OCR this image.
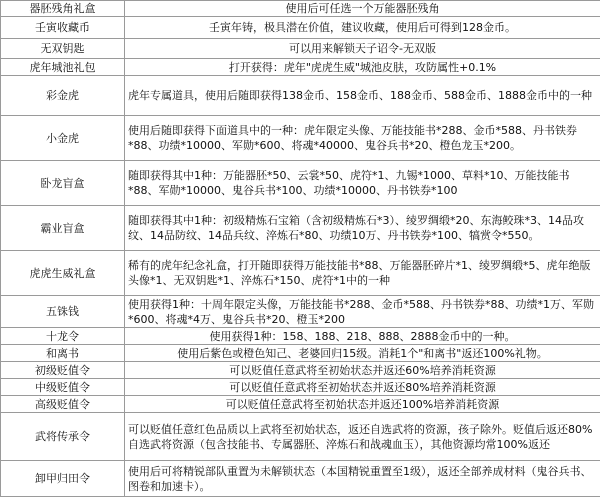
器胚残角礼盒	使用后可任选一个万能器胚残角
壬寅收藏币	壬寅年铸，极具潜在价值，建议收藏，使用后可得到128金币。
无双钥匙	可以用来解锁天子诏令-无双版
虎年城池礼包	打开获得：虎年"虎虎生威"城池皮肤，攻防属性+0.1%
彩金虎	虎年专属道具，使用后随即获得138金币、158金币、188金币、588金币、1888金币中的一种
小金虎	使用后随即获得下面道具中的一种：虎年限定头像、万能技能书*288、金币*588、丹书铁券*88、功绩*10000、军勋*600、将魂*40000、鬼谷兵书*20、橙色龙玉*200。
卧龙盲盒	随即获得其中1种：万能器胚*50、云裳*50、虎符*1、九锡*1000、草料*10、万能技能书*88、军勋*10000、鬼谷兵书*100、功绩*10000、丹书铁券*100
霸业盲盒	随即获得其中1种：初级精炼石宝箱（含初级精炼石*3）、绫罗绸缎*20、东海鲛珠*3、14品攻纹、14品防纹、14品兵纹、淬炼石*80、功绩10万、丹书铁券*100、犒赏令*550。
虎虎生威礼盒	稀有的虎年纪念礼盒，打开随即获得万能技能书*88、万能器胚碎片*1、绫罗绸缎*5、虎年绝版头像*1、无双钥匙*1、淬炼石*150、虎符*1中的一种
五铢钱	使用获得1种：十周年限定头像，万能技能书*288、金币*588、丹书铁券*88、功绩*1万、军勋*600、将魂*4万、鬼谷兵书*20、橙玉*200
十龙令	使用获得1种：158、188、218、888、2888金币中的一种。
和离书	使用后紫色或橙色知己、老婆回归15级。消耗1个"和离书"返还100%礼物。
初级贬值令	可以贬值任意武将至初始状态并返还60%培养消耗资源
中级贬值令	可以贬值任意武将至初始状态并返还80%培养消耗资源
高级贬值令	可以贬值任意武将至初始状态并返还100%培养消耗资源
武将传承令	可以贬值任意红色品质以上武将至初始状态，返还自选武将的资源，孩子除外。贬值后返还80%自选武将资源（包含技能书、专属器胚、淬炼石和战魂血玉），其他资源均常100%返还
卸甲归田令	使用后可将精锐部队重置为未解锁状态（本国精锐重置至1级），返还全部养成材料（鬼谷兵书、图卷和加速卡）。
